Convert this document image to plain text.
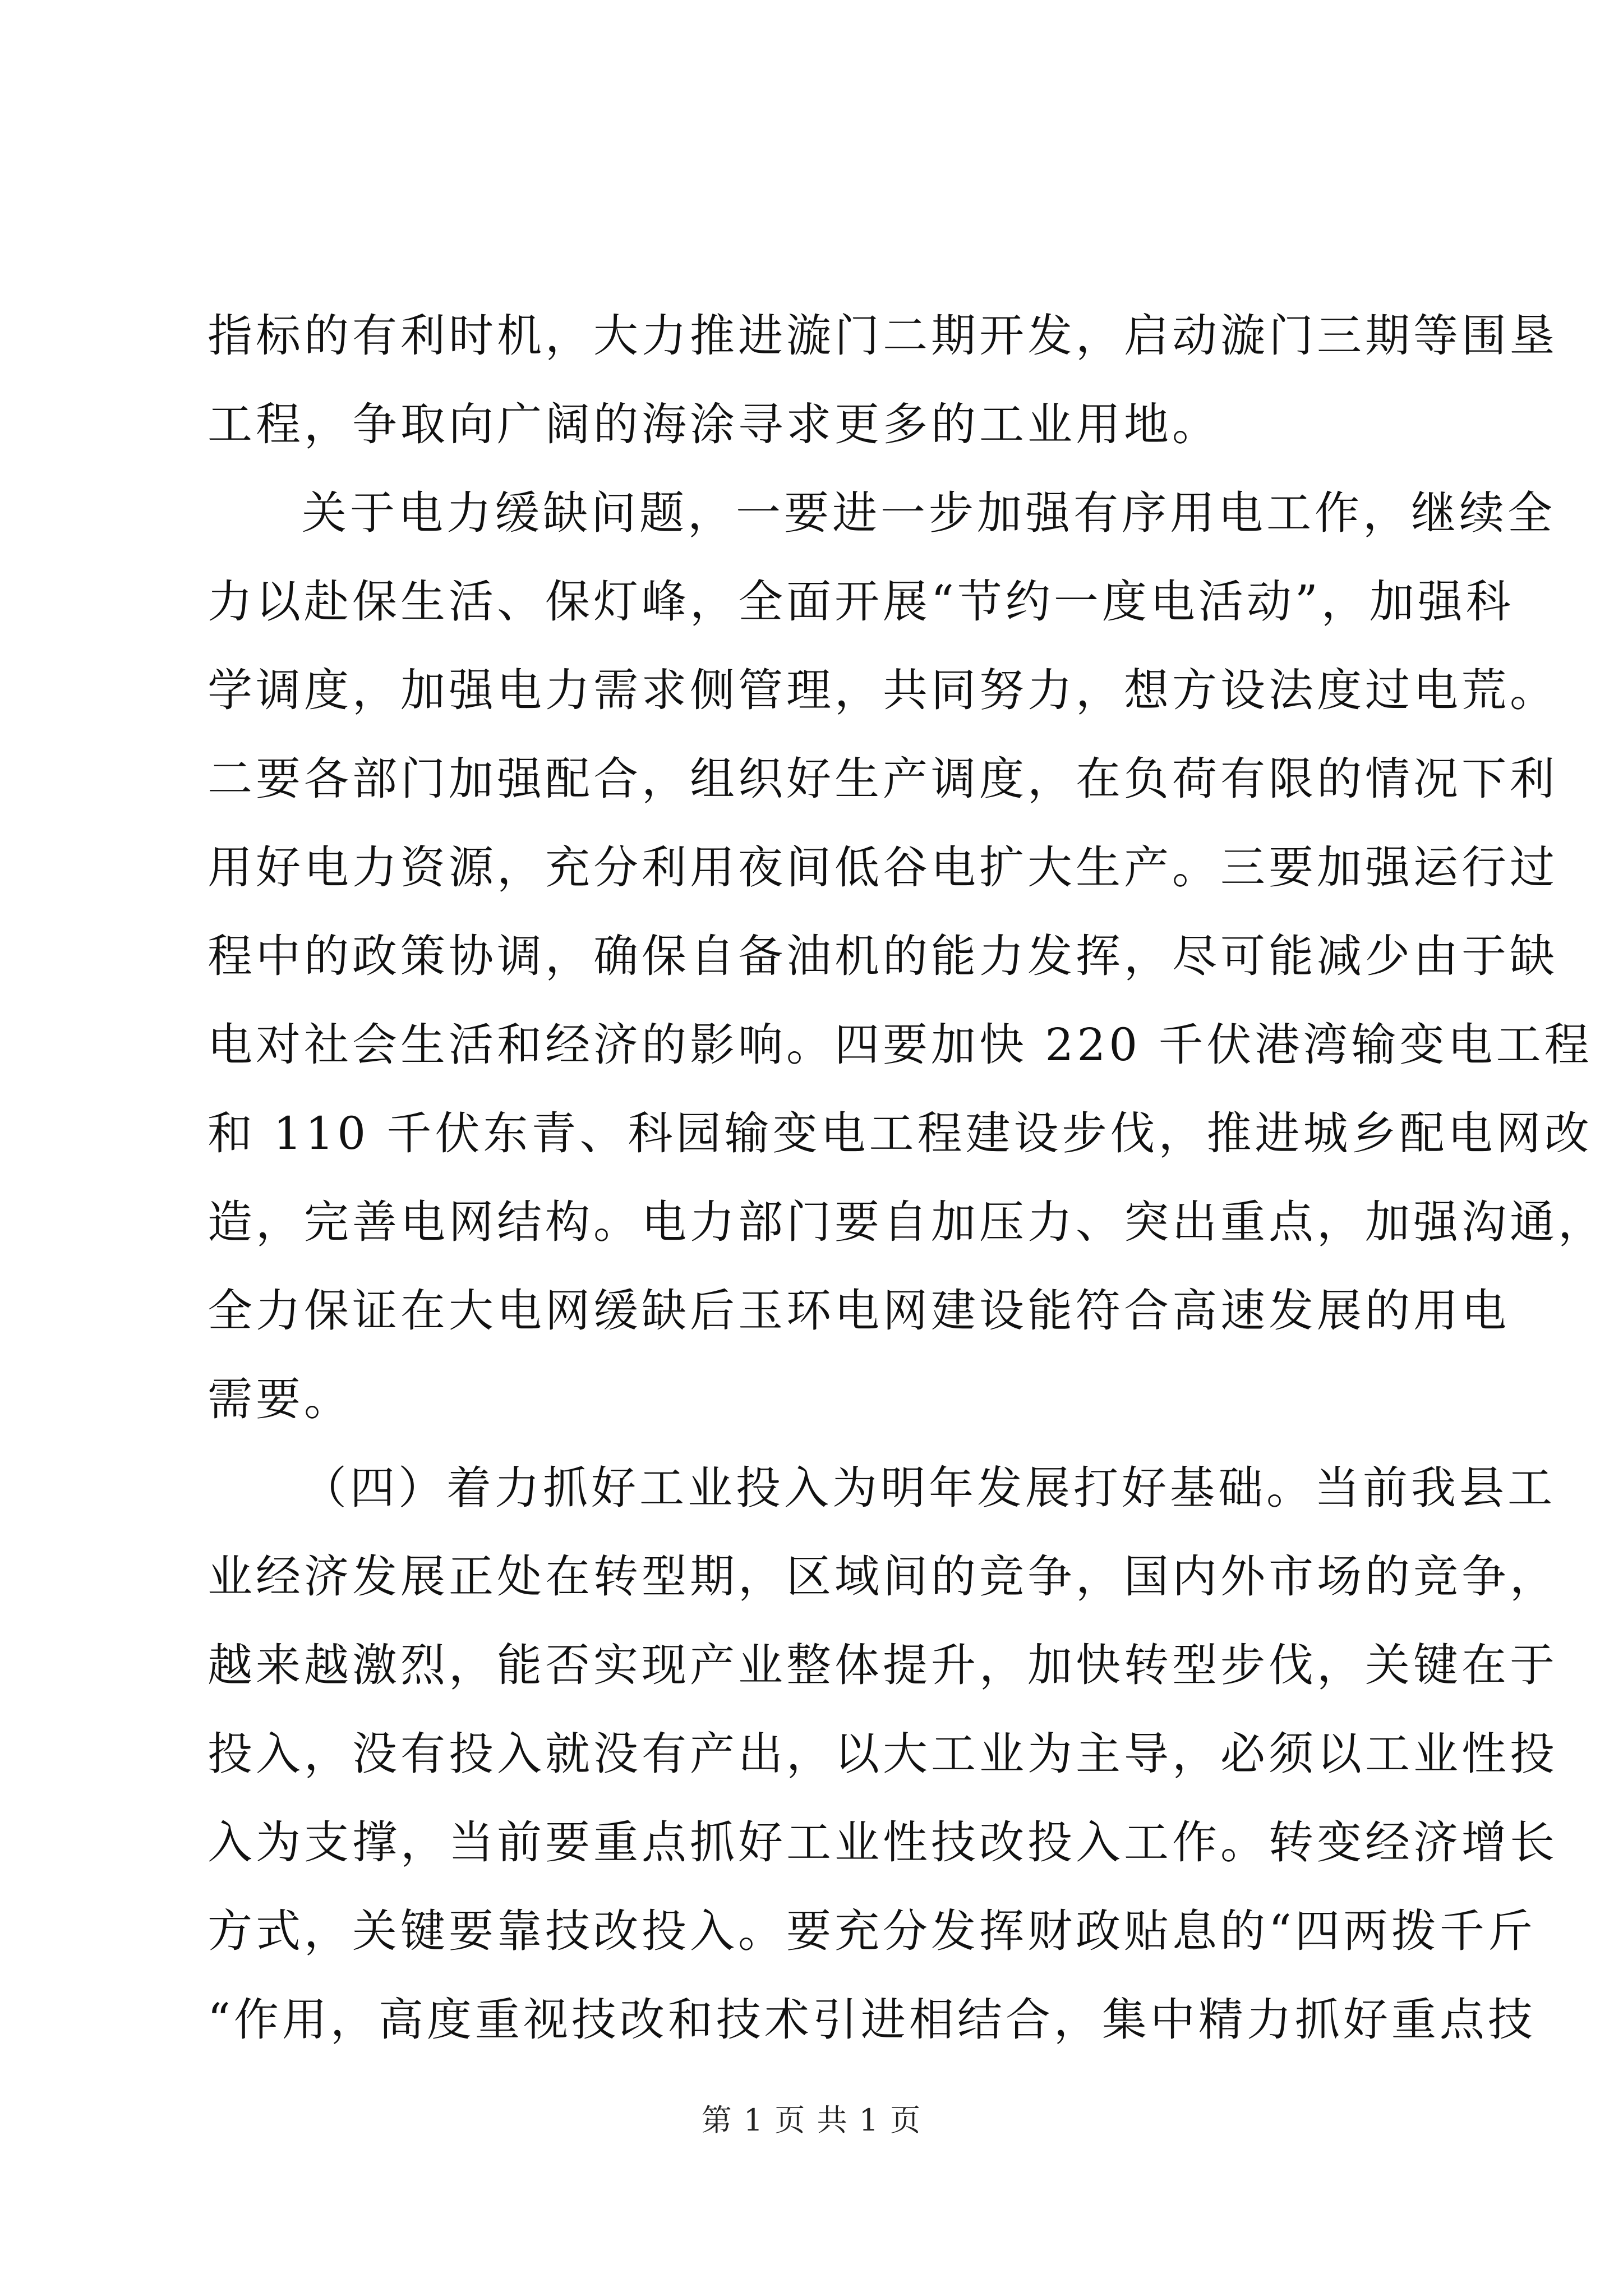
指标的有利时机，大力推进漩门二期开发，启动漩门三期等围垦
工程，争取向广阔的海涂寻求更多的工业用地。
关于电力缓缺问题，一要进一步加强有序用电工作，继续全
力以赴保生活、保灯峰，全面开展“节约一度电活动”，加强科
学调度，加强电力需求侧管理，共同努力，想方设法度过电荒。
二要各部门加强配合，组织好生产调度，在负荷有限的情况下利
用好电力资源，充分利用夜间低谷电扩大生产。三要加强运行过
程中的政策协调，确保自备油机的能力发挥，尽可能减少由于缺
电对社会生活和经济的影响。四要加快 220 千伏港湾输变电工程
和 110 千伏东青、科园输变电工程建设步伐，推进城乡配电网改
造，完善电网结构。电力部门要自加压力、突出重点，加强沟通，
全力保证在大电网缓缺后玉环电网建设能符合高速发展的用电
需要。
（四）着力抓好工业投入为明年发展打好基础。当前我县工
业经济发展正处在转型期，区域间的竞争，国内外市场的竞争，
越来越激烈，能否实现产业整体提升，加快转型步伐，关键在于
投入，没有投入就没有产出，以大工业为主导，必须以工业性投
入为支撑，当前要重点抓好工业性技改投入工作。转变经济增长
方式，关键要靠技改投入。要充分发挥财政贴息的“四两拨千斤
“作用，高度重视技改和技术引进相结合，集中精力抓好重点技
第 1 页 共 1 页
